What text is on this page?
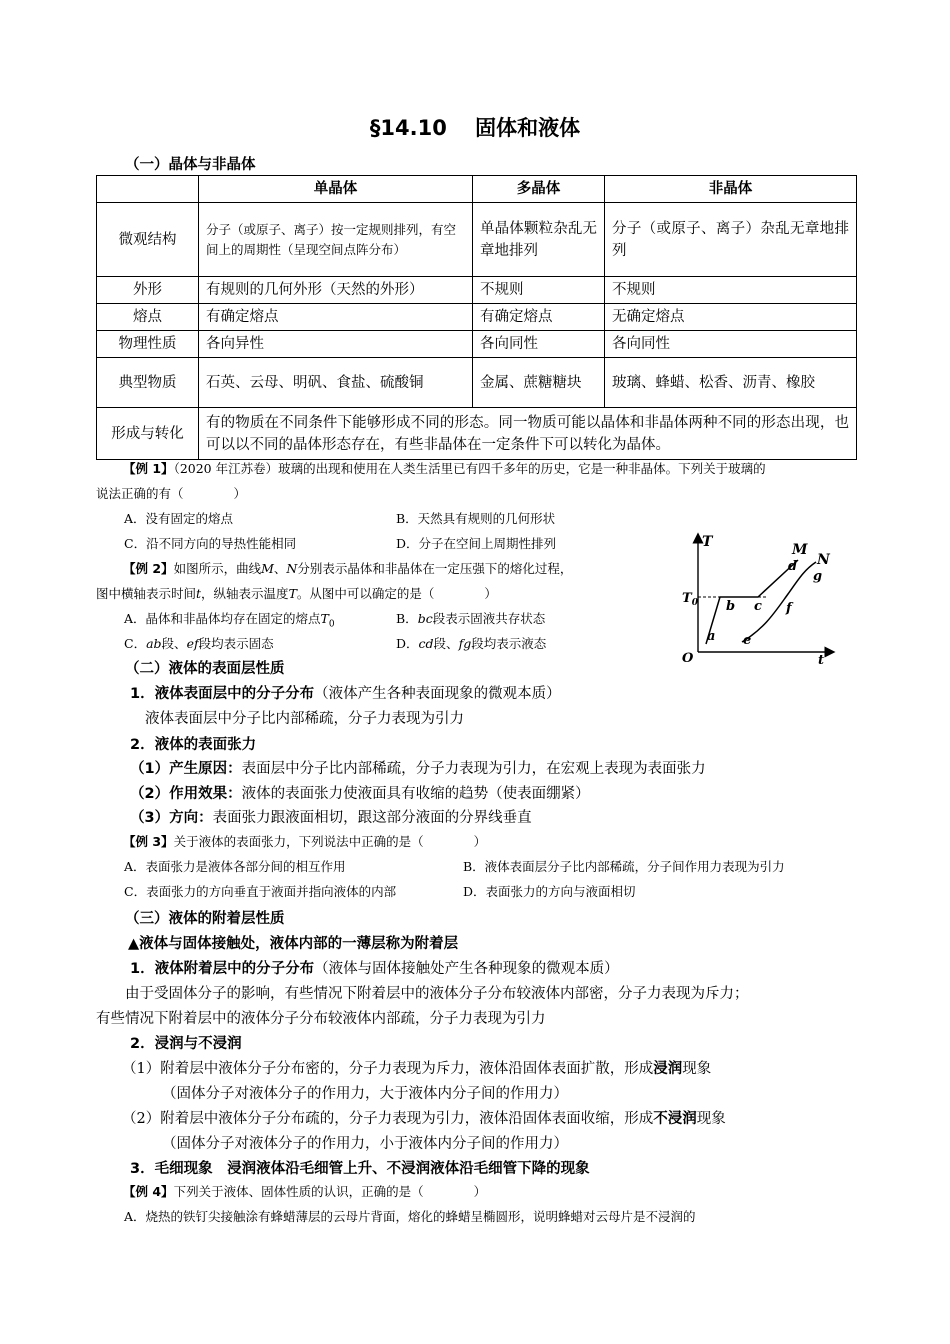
§14.10　 固体和液体
（一）晶体与非晶体
	单晶体	多晶体	非晶体
微观结构	分子（或原子、离子）按一定规则排列，有空间上的周期性（呈现空间点阵分布）	单晶体颗粒杂乱无章地排列	分子（或原子、离子）杂乱无章地排列
外形	有规则的几何外形（天然的外形）	不规则	不规则
熔点	有确定熔点	有确定熔点	无确定熔点
物理性质	各向异性	各向同性	各向同性
典型物质	石英、云母、明矾、食盐、硫酸铜	金属、蔗糖糖块	玻璃、蜂蜡、松香、沥青、橡胶
形成与转化	有的物质在不同条件下能够形成不同的形态。同一物质可能以晶体和非晶体两种不同的形态出现，也可以以不同的晶体形态存在，有些非晶体在一定条件下可以转化为晶体。		
【例 1】（2020 年江苏卷）玻璃的出现和使用在人类生活里已有四千多年的历史，它是一种非晶体。下列关于玻璃的
说法正确的有（　　　　）
A．没有固定的熔点	B．天然具有规则的几何形状
C．沿不同方向的导热性能相同	D．分子在空间上周期性排列
【例 2】如图所示，曲线M、N分别表示晶体和非晶体在一定压强下的熔化过程，
图中横轴表示时间t，纵轴表示温度T。从图中可以确定的是（　　　　）
A．晶体和非晶体均存在固定的熔点$T_0$	B．bc段表示固液共存状态
C．ab段、ef段均表示固态	D．cd段、fg段均表示液态
T
$T_0$
O	t
M
N
a
b c
d
e
f
g
（二）液体的表面层性质
1．液体表面层中的分子分布（液体产生各种表面现象的微观本质）
液体表面层中分子比内部稀疏，分子力表现为引力
2．液体的表面张力
（1）产生原因：表面层中分子比内部稀疏，分子力表现为引力，在宏观上表现为表面张力
（2）作用效果：液体的表面张力使液面具有收缩的趋势（使表面绷紧）
（3）方向：表面张力跟液面相切，跟这部分液面的分界线垂直
【例 3】关于液体的表面张力，下列说法中正确的是（　　　　）
A．表面张力是液体各部分间的相互作用	B．液体表面层分子比内部稀疏，分子间作用力表现为引力
C．表面张力的方向垂直于液面并指向液体的内部	D．表面张力的方向与液面相切
（三）液体的附着层性质
▲液体与固体接触处，液体内部的一薄层称为附着层
1．液体附着层中的分子分布（液体与固体接触处产生各种现象的微观本质）
由于受固体分子的影响，有些情况下附着层中的液体分子分布较液体内部密，分子力表现为斥力；
有些情况下附着层中的液体分子分布较液体内部疏，分子力表现为引力
2．浸润与不浸润
（1）附着层中液体分子分布密的，分子力表现为斥力，液体沿固体表面扩散，形成浸润现象
（固体分子对液体分子的作用力，大于液体内分子间的作用力）
（2）附着层中液体分子分布疏的，分子力表现为引力，液体沿固体表面收缩，形成不浸润现象
（固体分子对液体分子的作用力，小于液体内分子间的作用力）
3．毛细现象　浸润液体沿毛细管上升、不浸润液体沿毛细管下降的现象
【例 4】下列关于液体、固体性质的认识，正确的是（　　　　）
A．烧热的铁钉尖接触涂有蜂蜡薄层的云母片背面，熔化的蜂蜡呈椭圆形，说明蜂蜡对云母片是不浸润的
